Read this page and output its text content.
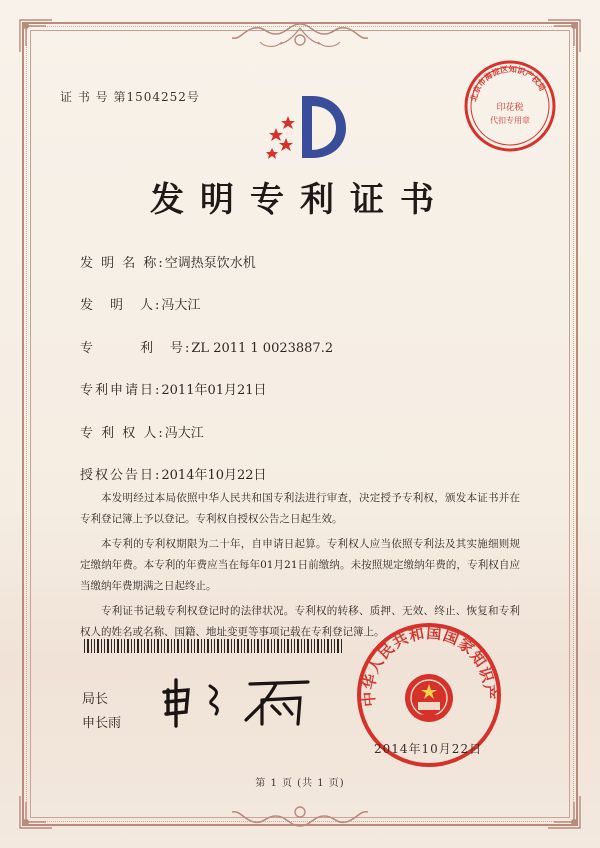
证 书 号 第1504252号	北京市海淀区知识产权局
印花税
代扣专用章
发明专利证书
发 明 名 称:空调热泵饮水机
发　明　人:冯大江
专　　　利　号:ZL 2011 1 0023887.2
专利申请日:2011年01月21日
专 利 权 人:冯大江
授权公告日:2014年10月22日

本发明经过本局依照中华人民共和国专利法进行审查，决定授予专利权，颁发本证书并在专利登记簿上予以登记。专利权自授权公告之日起生效。

本专利的专利权期限为二十年，自申请日起算。专利权人应当依照专利法及其实施细则规定缴纳年费。本专利的年费应当在每年01月21日前缴纳。未按照规定缴纳年费的，专利权自应当缴纳年费期满之日起终止。

专利证书记载专利权登记时的法律状况。专利权的转移、质押、无效、终止、恢复和专利权人的姓名或名称、国籍、地址变更等事项记载在专利登记簿上。

局长
申长雨
中华人民共和国国家知识产
2014年10月22日
第 1 页 (共 1 页)
